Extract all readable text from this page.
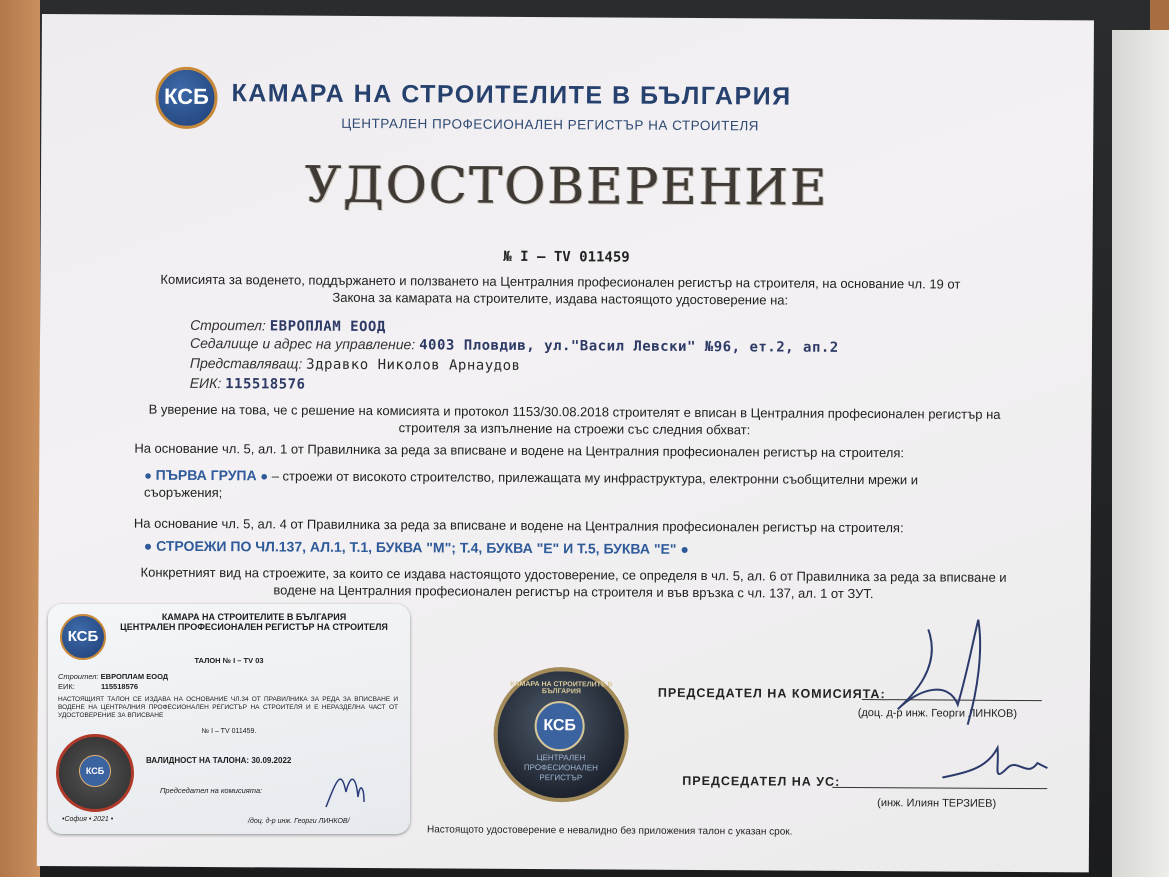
КСБ КАМАРА НА СТРОИТЕЛИТЕ В БЪЛГАРИЯ
ЦЕНТРАЛЕН ПРОФЕСИОНАЛЕН РЕГИСТЪР НА СТРОИТЕЛЯ
УДОСТОВЕРЕНИЕ
№ I – TV 011459
Комисията за воденето, поддържането и ползването на Централния професионален регистър на строителя, на основание чл. 19 от Закона за камарата на строителите, издава настоящото удостоверение на:
Строител: ЕВРОПЛАМ ЕООД
Седалище и адрес на управление: 4003 Пловдив, ул."Васил Левски" №96, ет.2, ап.2
Представляващ: Здравко Николов Арнаудов
ЕИК: 115518576
В уверение на това, че с решение на комисията и протокол 1153/30.08.2018 строителят е вписан в Централния професионален регистър на строителя за изпълнение на строежи със следния обхват:
На основание чл. 5, ал. 1 от Правилника за реда за вписване и водене на Централния професионален регистър на строителя:
● ПЪРВА ГРУПА ● – строежи от високото строителство, прилежащата му инфраструктура, електронни съобщителни мрежи и съоръжения;
На основание чл. 5, ал. 4 от Правилника за реда за вписване и водене на Централния професионален регистър на строителя:
● СТРОЕЖИ ПО ЧЛ.137, АЛ.1, Т.1, БУКВА "М"; Т.4, БУКВА "Е" И Т.5, БУКВА "Е" ●
Конкретният вид на строежите, за които се издава настоящото удостоверение, се определя в чл. 5, ал. 6 от Правилника за реда за вписване и водене на Централния професионален регистър на строителя и във връзка с чл. 137, ал. 1 от ЗУТ.
КАМАРА НА СТРОИТЕЛИТЕ В БЪЛГАРИЯ
КСБ
ЦЕНТРАЛЕН ПРОФЕСИОНАЛЕН РЕГИСТЪР
ПРЕДСЕДАТЕЛ НА КОМИСИЯТА:
(доц. д-р инж. Георги ЛИНКОВ)
ПРЕДСЕДАТЕЛ НА УС:
(инж. Илиян ТЕРЗИЕВ)
Настоящото удостоверение е невалидно без приложения талон с указан срок.
КСБ
КАМАРА НА СТРОИТЕЛИТЕ В БЪЛГАРИЯ
ЦЕНТРАЛЕН ПРОФЕСИОНАЛЕН РЕГИСТЪР НА СТРОИТЕЛЯ
ТАЛОН № I – TV 03
Строител: ЕВРОПЛАМ ЕООД
ЕИК:	115518576
НАСТОЯЩИЯТ ТАЛОН СЕ ИЗДАВА НА ОСНОВАНИЕ ЧЛ.34 ОТ ПРАВИЛНИКА ЗА РЕДА ЗА ВПИСВАНЕ И ВОДЕНЕ НА ЦЕНТРАЛНИЯ ПРОФЕСИОНАЛЕН РЕГИСТЪР НА СТРОИТЕЛЯ И Е НЕРАЗДЕЛНА ЧАСТ ОТ УДОСТОВЕРЕНИЕ ЗА ВПИСВАНЕ
№ I – TV 011459.
КСБ
ВАЛИДНОСТ НА ТАЛОНА: 30.09.2022
Председател на комисията:
•София • 2021 •	/доц. д-р инж. Георги ЛИНКОВ/
